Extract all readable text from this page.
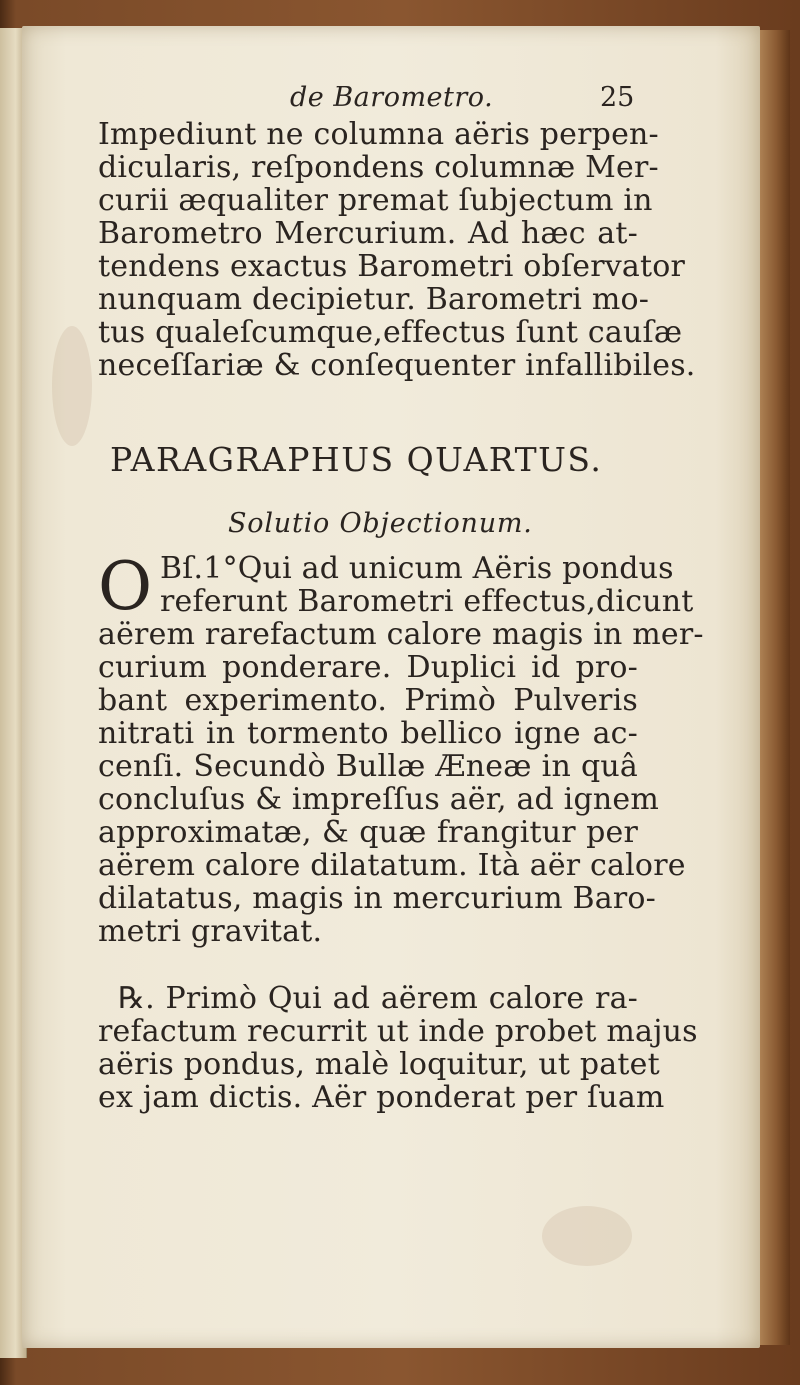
de Barometro.	25
Impediunt ne columna aëris perpen-
dicularis, reſpondens columnæ Mer-
curii æqualiter premat ſubjectum in
Barometro Mercurium. Ad hæc at-
tendens exactus Barometri obſervator
nunquam decipietur. Barometri mo-
tus qualeſcumque,effectus ſunt cauſæ
neceſſariæ & conſequenter infallibiles.
PARAGRAPHUS QUARTUS.
Solutio Objectionum.
O Bſ.1°Qui ad unicum Aëris pondus
referunt Barometri effectus,dicunt
aërem rarefactum calore magis in mer-
curium ponderare. Duplici id pro-
bant experimento. Primò Pulveris
nitrati in tormento bellico igne ac-
cenſi. Secundò Bullæ Æneæ in quâ
concluſus & impreſſus aër, ad ignem
approximatæ, & quæ frangitur per
aërem calore dilatatum. Ità aër calore
dilatatus, magis in mercurium Baro-
metri gravitat.
℞. Primò Qui ad aërem calore ra-
refactum recurrit ut inde probet majus
aëris pondus, malè loquitur, ut patet
ex jam dictis. Aër ponderat per ſuam
